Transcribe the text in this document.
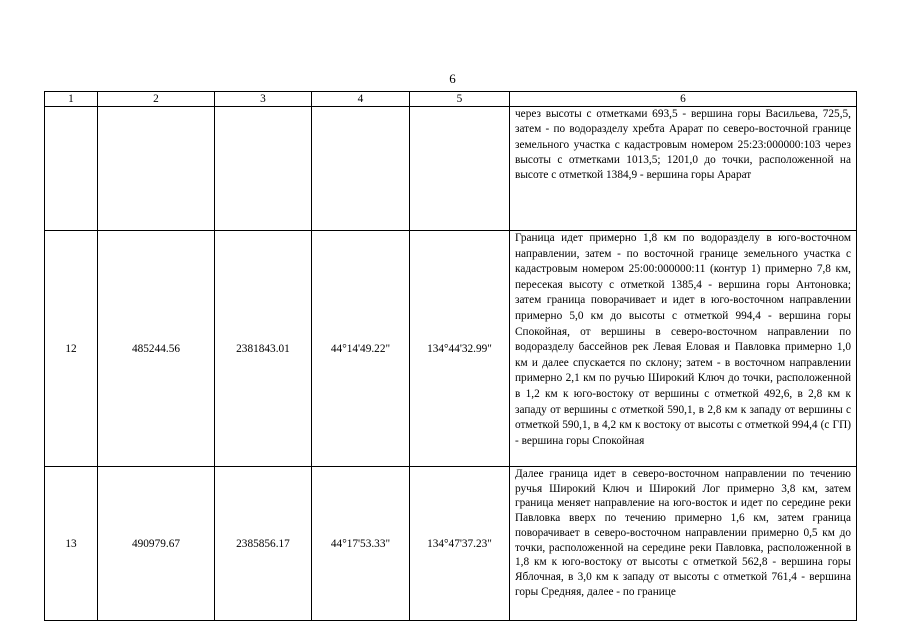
6
1	2	3	4	5	6
					через высоты с отметками 693,5 - вершина горы Васильева, 725,5, затем - по водоразделу хребта Арарат по северо-восточной границе земельного участка с кадастровым номером 25:23:000000:103 через высоты с отметками 1013,5; 1201,0 до точки, расположенной на высоте с отметкой 1384,9 - вершина горы Арарат
12	485244.56	2381843.01	44°14'49.22"	134°44'32.99"	Граница идет примерно 1,8 км по водоразделу в юго-восточном направлении, затем - по восточной границе земельного участка с кадастровым номером 25:00:000000:11 (контур 1) примерно 7,8 км, пересекая высоту с отметкой 1385,4 - вершина горы Антоновка; затем граница поворачивает и идет в юго-восточном направлении примерно 5,0 км до высоты с отметкой 994,4 - вершина горы Спокойная, от вершины в северо-восточном направлении по водоразделу бассейнов рек Левая Еловая и Павловка примерно 1,0 км и далее спускается по склону; затем - в восточном направлении примерно 2,1 км по ручью Широкий Ключ до точки, расположенной в 1,2 км к юго-востоку от вершины с отметкой 492,6, в 2,8 км к западу от вершины с отметкой 590,1, в 2,8 км к западу от вершины с отметкой 590,1, в 4,2 км к востоку от высоты с отметкой 994,4 (с ГП) - вершина горы Спокойная
13	490979.67	2385856.17	44°17'53.33"	134°47'37.23"	Далее граница идет в северо-восточном направлении по течению ручья Широкий Ключ и Широкий Лог примерно 3,8 км, затем граница меняет направление на юго-восток и идет по середине реки Павловка вверх по течению примерно 1,6 км, затем граница поворачивает в северо-восточном направлении примерно 0,5 км до точки, расположенной на середине реки Павловка, расположенной в 1,8 км к юго-востоку от высоты с отметкой 562,8 - вершина горы Яблочная, в 3,0 км к западу от высоты с отметкой 761,4 - вершина горы Средняя, далее - по границе
